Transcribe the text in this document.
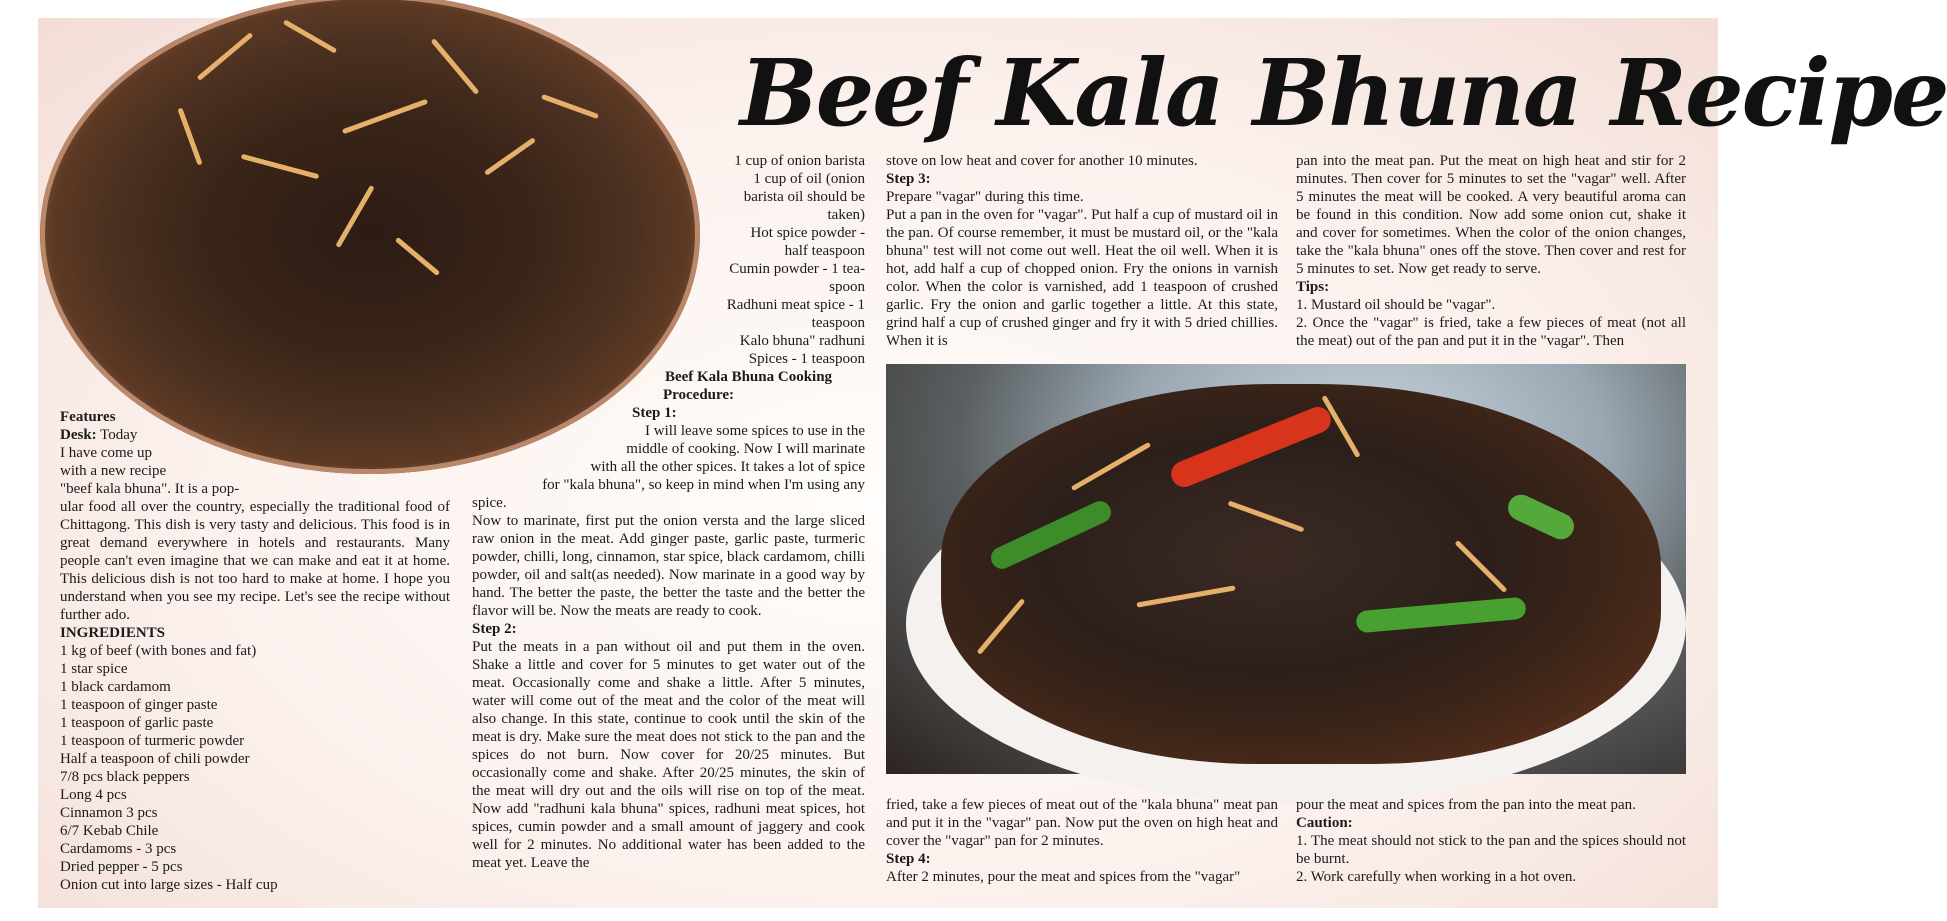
Beef Kala Bhuna Recipe

Features

Desk: Today

I have come up

with a new recipe

"beef kala bhuna". It is a pop-

ular food all over the country, especially the traditional food of Chittagong. This dish is very tasty and delicious. This food is in great demand everywhere in hotels and restaurants. Many people can't even imagine that we can make and eat it at home. This delicious dish is not too hard to make at home. I hope you understand when you see my recipe. Let's see the recipe without further ado.

INGREDIENTS

1 kg of beef (with bones and fat)

1 star spice

1 black cardamom

1 teaspoon of ginger paste

1 teaspoon of garlic paste

1 teaspoon of turmeric powder

Half a teaspoon of chili powder

7/8 pcs black peppers

Long 4 pcs

Cinnamon 3 pcs

6/7 Kebab Chile

Cardamoms - 3 pcs

Dried pepper - 5 pcs

Onion cut into large sizes - Half cup

1 cup of onion barista

1 cup of oil (onion

barista oil should be

taken)

Hot spice powder -

half teaspoon

Cumin powder - 1 tea-

spoon

Radhuni meat spice - 1

teaspoon

Kalo bhuna" radhuni

Spices - 1 teaspoon

Beef Kala Bhuna Cooking

Procedure:

Step 1:

I will leave some spices to use in the

middle of cooking. Now I will marinate

with all the other spices. It takes a lot of spice

for "kala bhuna", so keep in mind when I'm using any

spice.

Now to marinate, first put the onion versta and the large sliced raw onion in the meat. Add ginger paste, garlic paste, turmeric powder, chilli, long, cinnamon, star spice, black cardamom, chilli powder, oil and salt(as needed). Now marinate in a good way by hand. The better the paste, the better the taste and the better the flavor will be. Now the meats are ready to cook.

Step 2:

Put the meats in a pan without oil and put them in the oven. Shake a little and cover for 5 minutes to get water out of the meat. Occasionally come and shake a little. After 5 minutes, water will come out of the meat and the color of the meat will also change. In this state, continue to cook until the skin of the meat is dry. Make sure the meat does not stick to the pan and the spices do not burn. Now cover for 20/25 minutes. But occasionally come and shake. After 20/25 minutes, the skin of the meat will dry out and the oils will rise on top of the meat. Now add "radhuni kala bhuna" spices, radhuni meat spices, hot spices, cumin powder and a small amount of jaggery and cook well for 2 minutes. No additional water has been added to the meat yet. Leave the

stove on low heat and cover for another 10 minutes.

Step 3:

Prepare "vagar" during this time.

Put a pan in the oven for "vagar". Put half a cup of mustard oil in the pan. Of course remember, it must be mustard oil, or the "kala bhuna" test will not come out well. Heat the oil well. When it is hot, add half a cup of chopped onion. Fry the onions in varnish color. When the color is varnished, add 1 teaspoon of crushed garlic. Fry the onion and garlic together a little. At this state, grind half a cup of crushed ginger and fry it with 5 dried chillies. When it is

pan into the meat pan. Put the meat on high heat and stir for 2 minutes. Then cover for 5 minutes to set the "vagar" well. After 5 minutes the meat will be cooked. A very beautiful aroma can be found in this condition. Now add some onion cut, shake it and cover for sometimes. When the color of the onion changes, take the "kala bhuna" ones off the stove. Then cover and rest for 5 minutes to set. Now get ready to serve.

Tips:

1. Mustard oil should be "vagar".

2. Once the "vagar" is fried, take a few pieces of meat (not all the meat) out of the pan and put it in the "vagar". Then

fried, take a few pieces of meat out of the "kala bhuna" meat pan and put it in the "vagar" pan. Now put the oven on high heat and cover the "vagar" pan for 2 minutes.

Step 4:

After 2 minutes, pour the meat and spices from the "vagar"

pour the meat and spices from the pan into the meat pan.

Caution:

1. The meat should not stick to the pan and the spices should not be burnt.

2. Work carefully when working in a hot oven.
